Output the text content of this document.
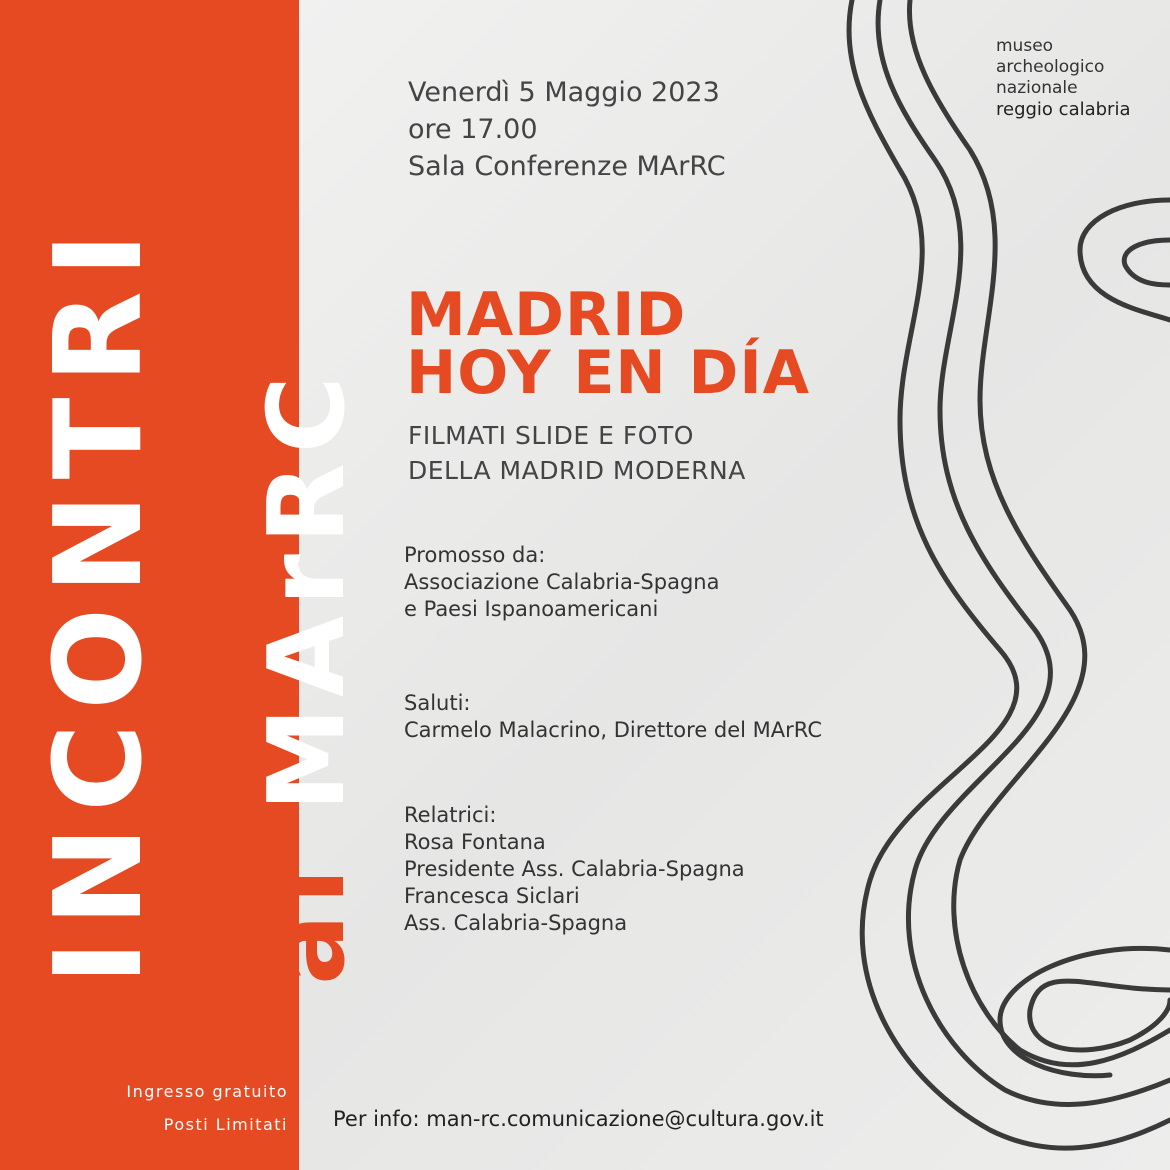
INCONTRI al MArRC
Venerdì 5 Maggio 2023
ore 17.00
Sala Conferenze MArRC
MADRID
HOY EN DÍA
FILMATI SLIDE E FOTO
DELLA MADRID MODERNA
Promosso da:
Associazione Calabria-Spagna
e Paesi Ispanoamericani
Saluti:
Carmelo Malacrino, Direttore del MArRC
Relatrici:
Rosa Fontana
Presidente Ass. Calabria-Spagna
Francesca Siclari
Ass. Calabria-Spagna
Ingresso gratuito
Posti Limitati Per info: man-rc.comunicazione@cultura.gov.it
museo
archeologico
nazionale
reggio calabria
